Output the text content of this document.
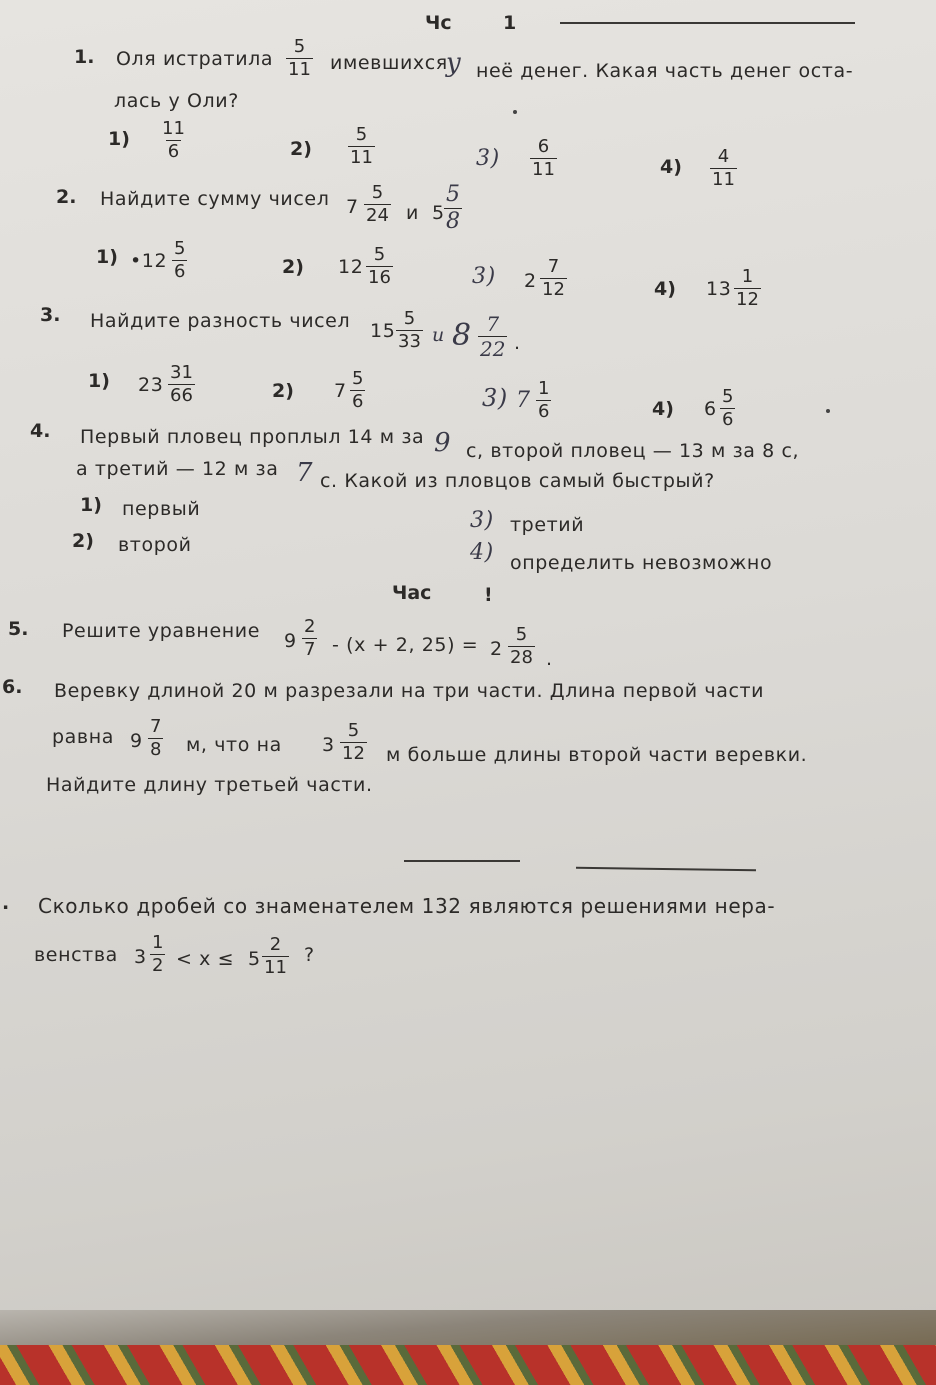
Чс	1
1. Оля истратила $\frac{5}{11}$ имевшихся
у неё денег. Какая часть денег оста-
лась у Оли?
$1) \frac{11}{6}$	$2) \frac{5}{11}$	$3) \frac{6}{11}$	$4) \frac{4}{11}$
2. Найдите сумму чисел $7 \frac{5}{24}$ и $5 \frac{5}{8}$
1) •12 $\frac{5}{6}$	2) $12 \frac{5}{16}$	3) $2 \frac{7}{12}$	4) $13 \frac{1}{12}$
3. Найдите разность чисел $15 \frac{5}{33}$ и $8 \frac{7}{22}$ .
1) $23 \frac{31}{66}$	2) $7 \frac{5}{6}$	3) $7 \frac{1}{6}$	4) $6 \frac{5}{6}$
4. Первый пловец проплыл 14 м за 9 с, второй пловец — 13 м за 8 с,
а третий — 12 м за 7 с. Какой из пловцов самый быстрый?
1) первый
2) второй
3) третий
4) определить невозможно
Час	!
5. Решите уравнение $9 \frac{2}{7} - (x + 2$, $25) = 2 \frac{5}{28}$ .
6. Веревку длиной 20 м разрезали на три части. Длина первой части
равна $9 \frac{7}{8} м$, что на $3 \frac{5}{12}$ м больше длины второй части веревки.
Найдите длину третьей части.
. Сколько дробей со знаменателем 132 являются решениями нера-
венства $3 \frac{1}{2} < x \le 5 \frac{2}{11}$ ?
